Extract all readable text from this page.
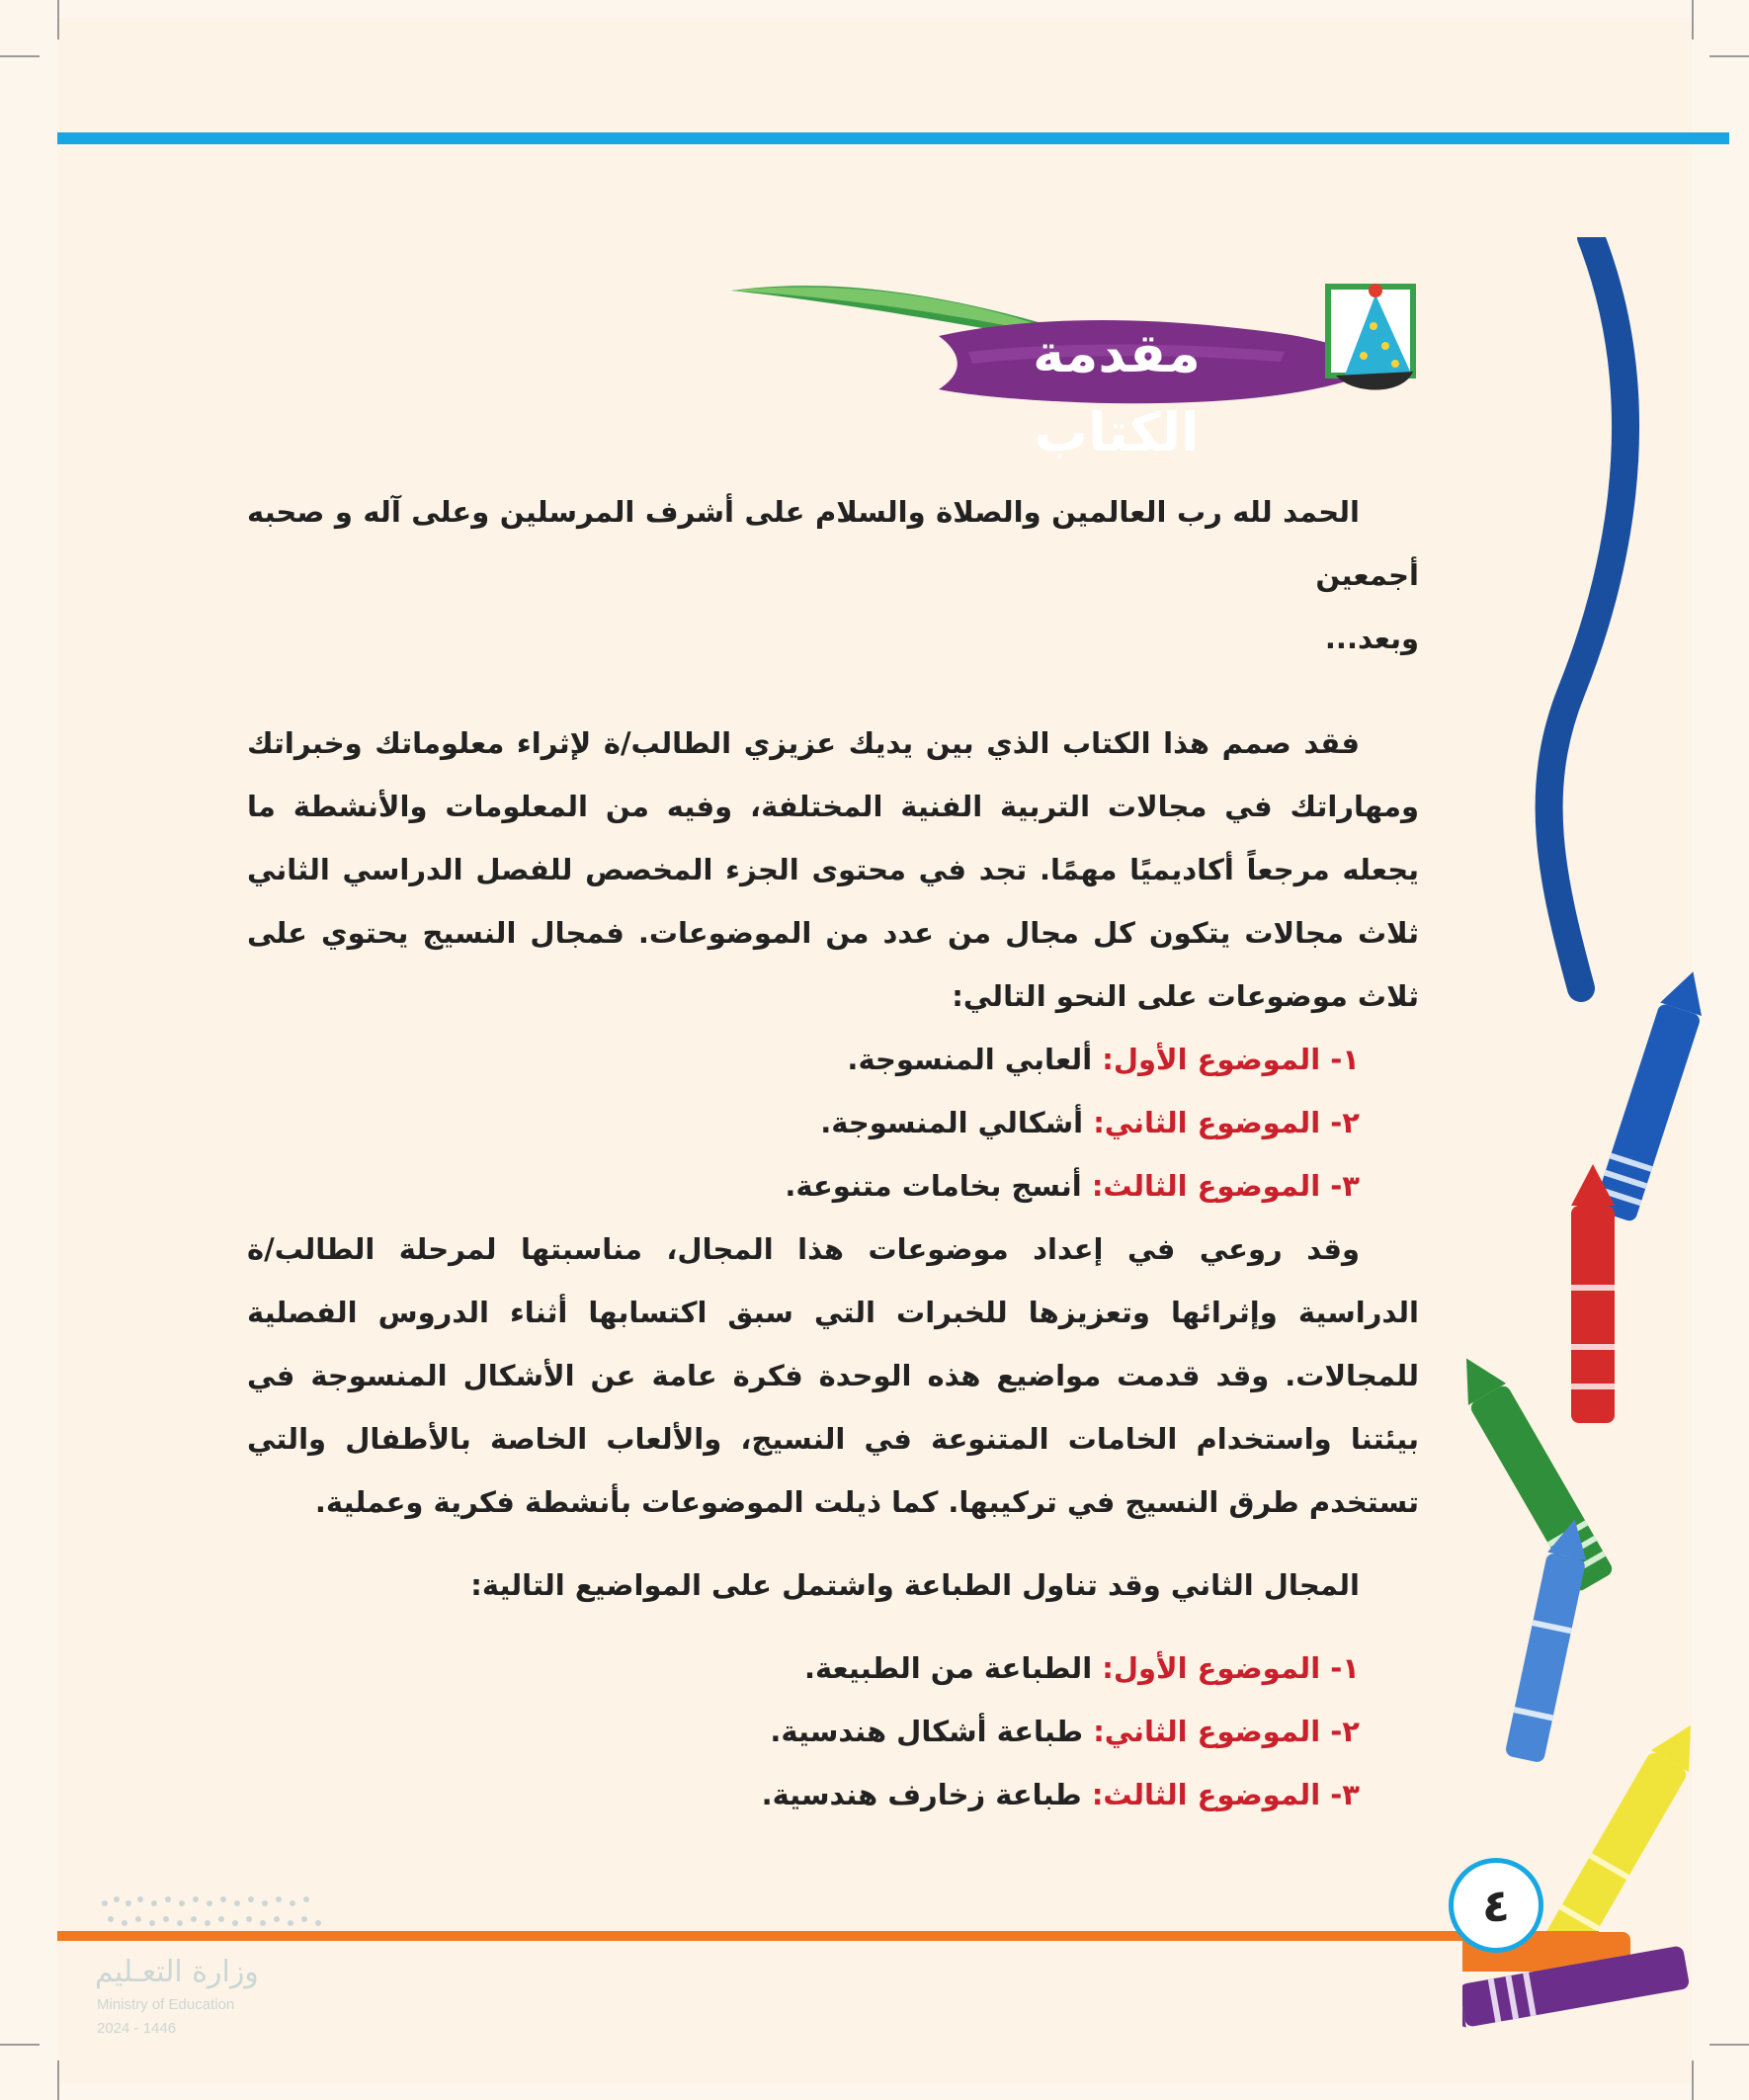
مقدمة الكتاب

الحمد لله رب العالمين والصلاة والسلام على أشرف المرسلين وعلى آله و صحبه أجمعين

وبعد...

فقد صمم هذا الكتاب الذي بين يديك عزيزي الطالب/ة لإثراء معلوماتك وخبراتك ومهاراتك في مجالات التربية الفنية المختلفة، وفيه من المعلومات والأنشطة ما يجعله مرجعاً أكاديميًا مهمًا. تجد في محتوى الجزء المخصص للفصل الدراسي الثاني ثلاث مجالات يتكون كل مجال من عدد من الموضوعات. فمجال النسيج يحتوي على ثلاث موضوعات على النحو التالي:

١- الموضوع الأول: ألعابي المنسوجة.
٢- الموضوع الثاني: أشكالي المنسوجة.
٣- الموضوع الثالث: أنسج بخامات متنوعة.

وقد روعي في إعداد موضوعات هذا المجال، مناسبتها لمرحلة الطالب/ة الدراسية وإثرائها وتعزيزها للخبرات التي سبق اكتسابها أثناء الدروس الفصلية للمجالات. وقد قدمت مواضيع هذه الوحدة فكرة عامة عن الأشكال المنسوجة في بيئتنا واستخدام الخامات المتنوعة في النسيج، والألعاب الخاصة بالأطفال والتي تستخدم طرق النسيج في تركيبها. كما ذيلت الموضوعات بأنشطة فكرية وعملية.

المجال الثاني وقد تناول الطباعة واشتمل على المواضيع التالية:

١- الموضوع الأول: الطباعة من الطبيعة.
٢- الموضوع الثاني: طباعة أشكال هندسية.
٣- الموضوع الثالث: طباعة زخارف هندسية.
٤
وزارة التعـليم
Ministry of Education
2024 - 1446
